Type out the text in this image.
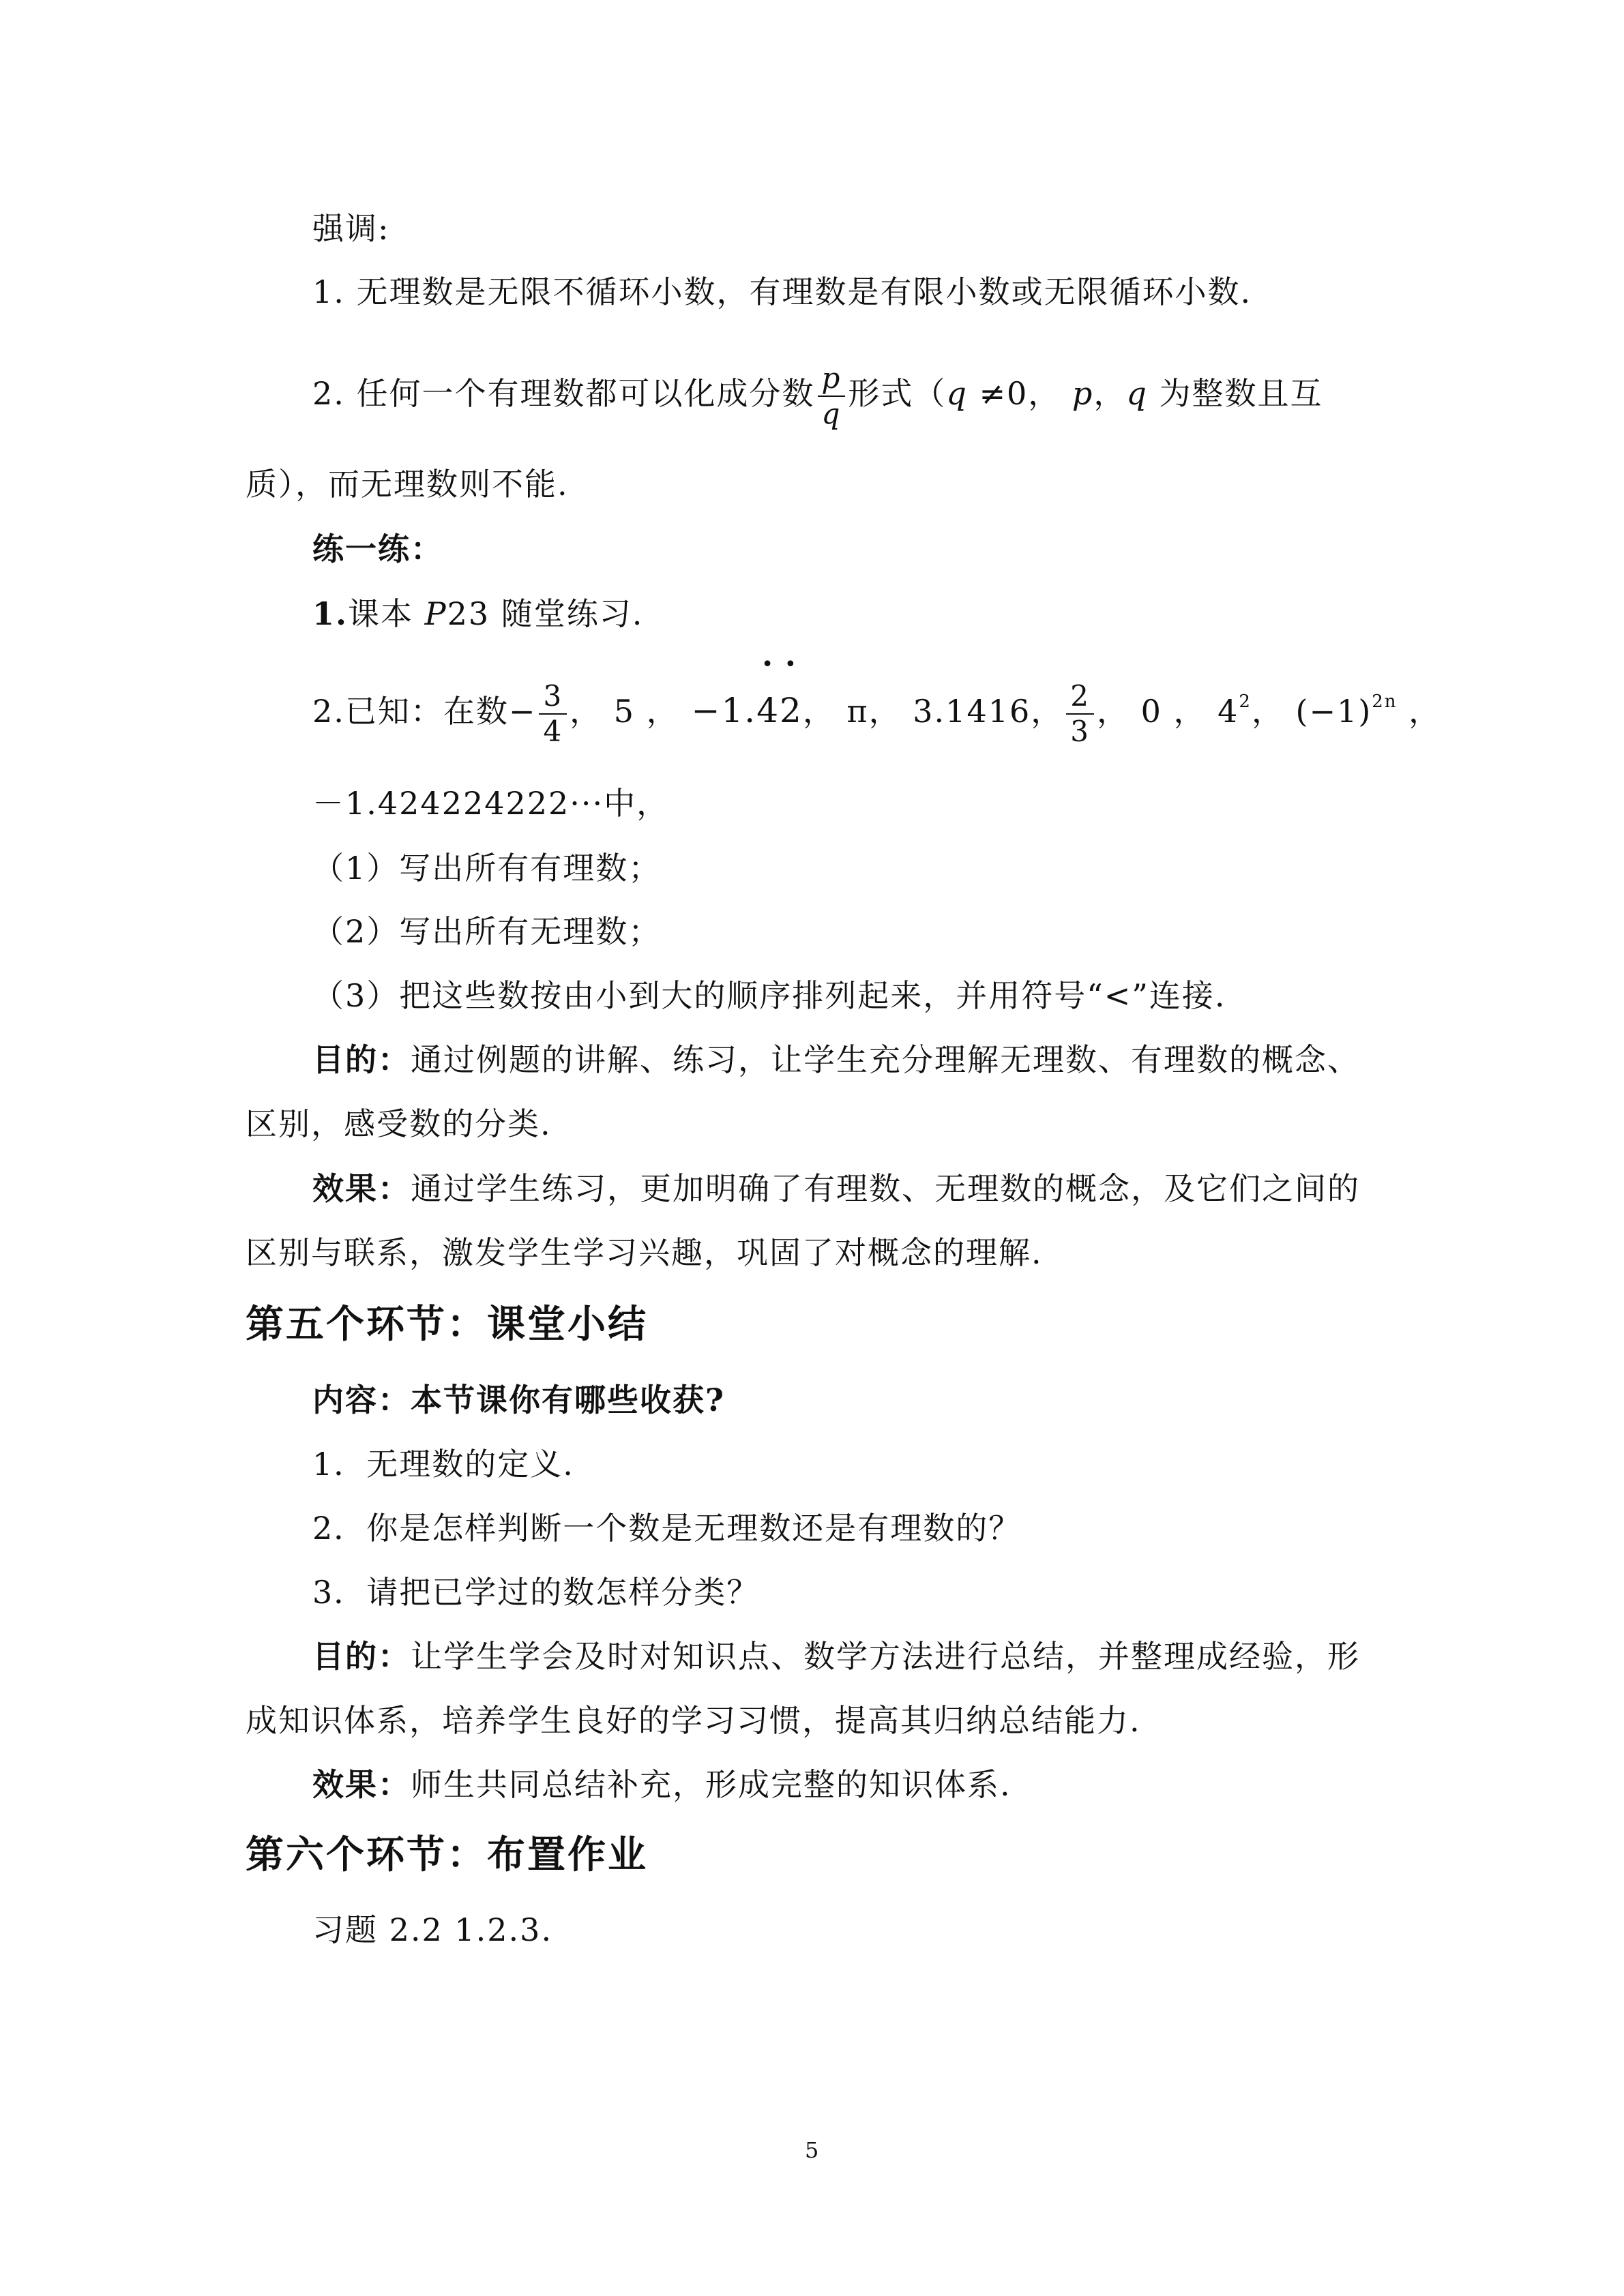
强调:
1. 无理数是无限不循环小数，有理数是有限小数或无限循环小数.
2. 任何一个有理数都可以化成分数 $\frac{p}{q}$ 形式（q ≠0， p，q 为整数且互
质），而无理数则不能.
练一练：
1.课本 P23 随堂练习.
2.已知：在数− $\frac{3}{4}$ ， 5 ， −1.
•
4
•
2， π， 3.1416， $\frac{2}{3}$ ， 0 ， $4^2$， $(-1)^{2n}$ ，
－1.424224222···中，
（1）写出所有有理数；
（2）写出所有无理数；
（3）把这些数按由小到大的顺序排列起来，并用符号“<”连接.
目的：通过例题的讲解、练习，让学生充分理解无理数、有理数的概念、
区别，感受数的分类.
效果：通过学生练习，更加明确了有理数、无理数的概念，及它们之间的
区别与联系，激发学生学习兴趣，巩固了对概念的理解.
第五个环节：课堂小结
内容：本节课你有哪些收获?
1．无理数的定义.
2．你是怎样判断一个数是无理数还是有理数的？
3．请把已学过的数怎样分类？
目的：让学生学会及时对知识点、数学方法进行总结，并整理成经验，形
成知识体系，培养学生良好的学习习惯，提高其归纳总结能力.
效果：师生共同总结补充，形成完整的知识体系.
第六个环节：布置作业
习题 2.2 1.2.3.
5
